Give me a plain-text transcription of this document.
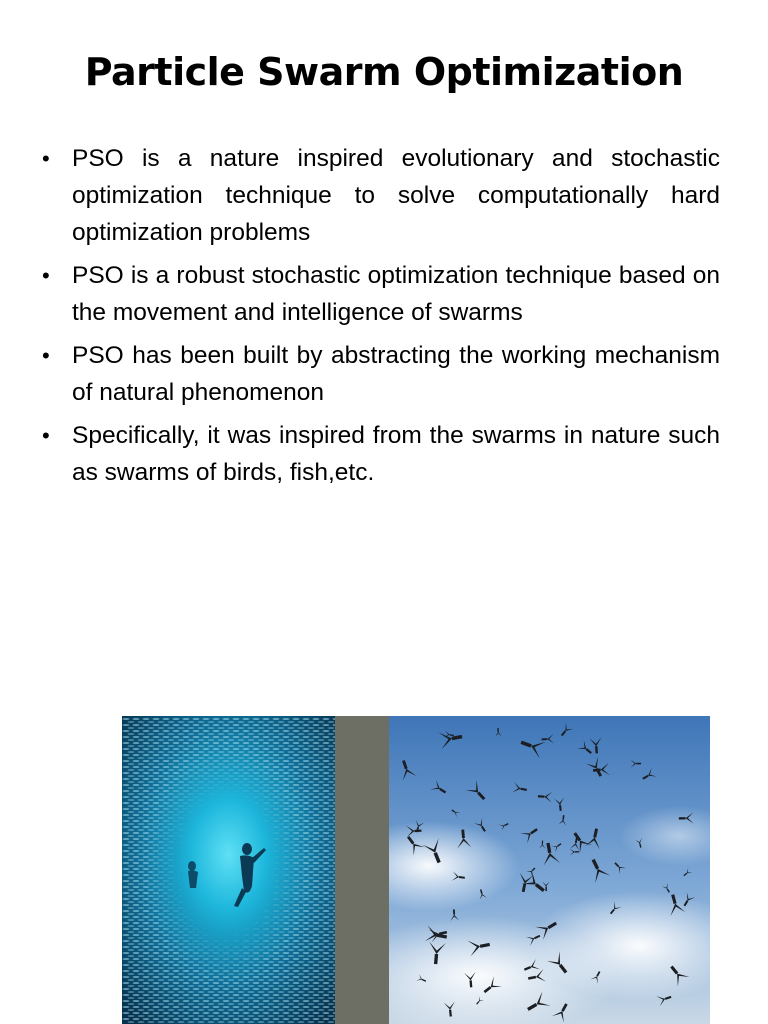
Particle Swarm Optimization
• PSO is a nature inspired evolutionary and stochastic optimization technique to solve computationally hard optimization problems
• PSO is a robust stochastic optimization technique based on the movement and intelligence of swarms
• PSO has been built by abstracting the working mechanism of natural phenomenon
• Specifically, it was inspired from the swarms in nature such as swarms of birds, fish,etc.
